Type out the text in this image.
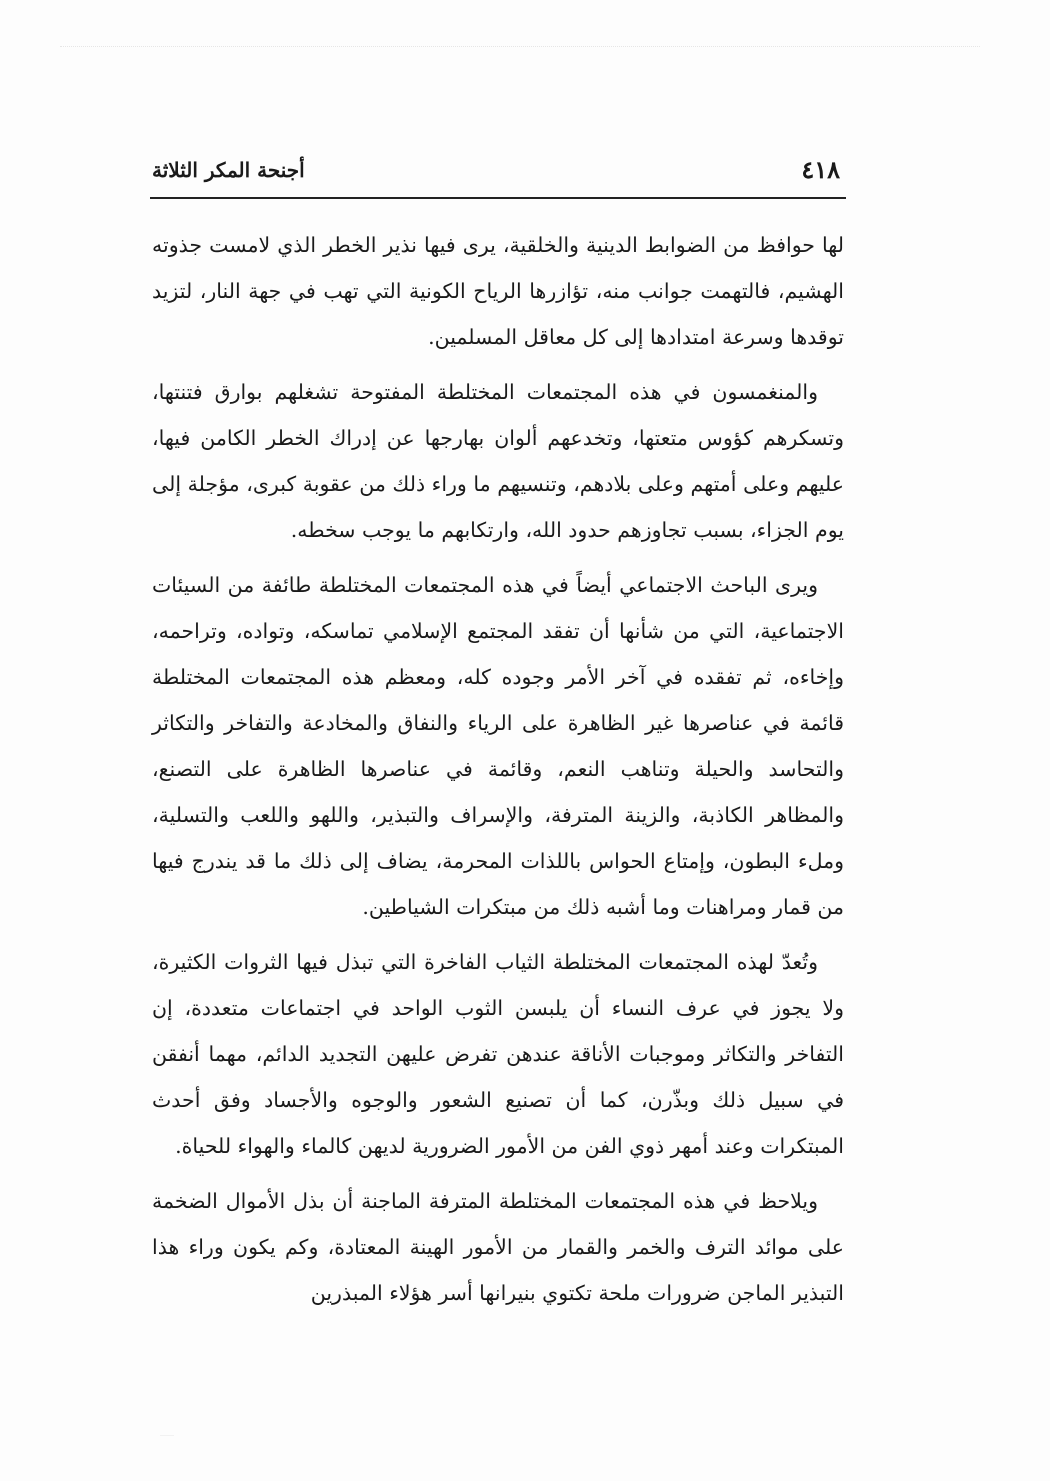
٤١٨
أجنحة المكر الثلاثة

لها حوافظ من الضوابط الدينية والخلقية، يرى فيها نذير الخطر الذي لامست جذوته الهشيم، فالتهمت جوانب منه، تؤازرها الرياح الكونية التي تهب في جهة النار، لتزيد توقدها وسرعة امتدادها إلى كل معاقل المسلمين.

والمنغمسون في هذه المجتمعات المختلطة المفتوحة تشغلهم بوارق فتنتها، وتسكرهم كؤوس متعتها، وتخدعهم ألوان بهارجها عن إدراك الخطر الكامن فيها، عليهم وعلى أمتهم وعلى بلادهم، وتنسيهم ما وراء ذلك من عقوبة كبرى، مؤجلة إلى يوم الجزاء، بسبب تجاوزهم حدود الله، وارتكابهم ما يوجب سخطه.

ويرى الباحث الاجتماعي أيضاً في هذه المجتمعات المختلطة طائفة من السيئات الاجتماعية، التي من شأنها أن تفقد المجتمع الإسلامي تماسكه، وتواده، وتراحمه، وإخاءه، ثم تفقده في آخر الأمر وجوده كله، ومعظم هذه المجتمعات المختلطة قائمة في عناصرها غير الظاهرة على الرياء والنفاق والمخادعة والتفاخر والتكاثر والتحاسد والحيلة وتناهب النعم، وقائمة في عناصرها الظاهرة على التصنع، والمظاهر الكاذبة، والزينة المترفة، والإسراف والتبذير، واللهو واللعب والتسلية، وملء البطون، وإمتاع الحواس باللذات المحرمة، يضاف إلى ذلك ما قد يندرج فيها من قمار ومراهنات وما أشبه ذلك من مبتكرات الشياطين.

وتُعدّ لهذه المجتمعات المختلطة الثياب الفاخرة التي تبذل فيها الثروات الكثيرة، ولا يجوز في عرف النساء أن يلبسن الثوب الواحد في اجتماعات متعددة، إن التفاخر والتكاثر وموجبات الأناقة عندهن تفرض عليهن التجديد الدائم، مهما أنفقن في سبيل ذلك وبذّرن، كما أن تصنيع الشعور والوجوه والأجساد وفق أحدث المبتكرات وعند أمهر ذوي الفن من الأمور الضرورية لديهن كالماء والهواء للحياة.

ويلاحظ في هذه المجتمعات المختلطة المترفة الماجنة أن بذل الأموال الضخمة على موائد الترف والخمر والقمار من الأمور الهينة المعتادة، وكم يكون وراء هذا التبذير الماجن ضرورات ملحة تكتوي بنيرانها أسر هؤلاء المبذرين
